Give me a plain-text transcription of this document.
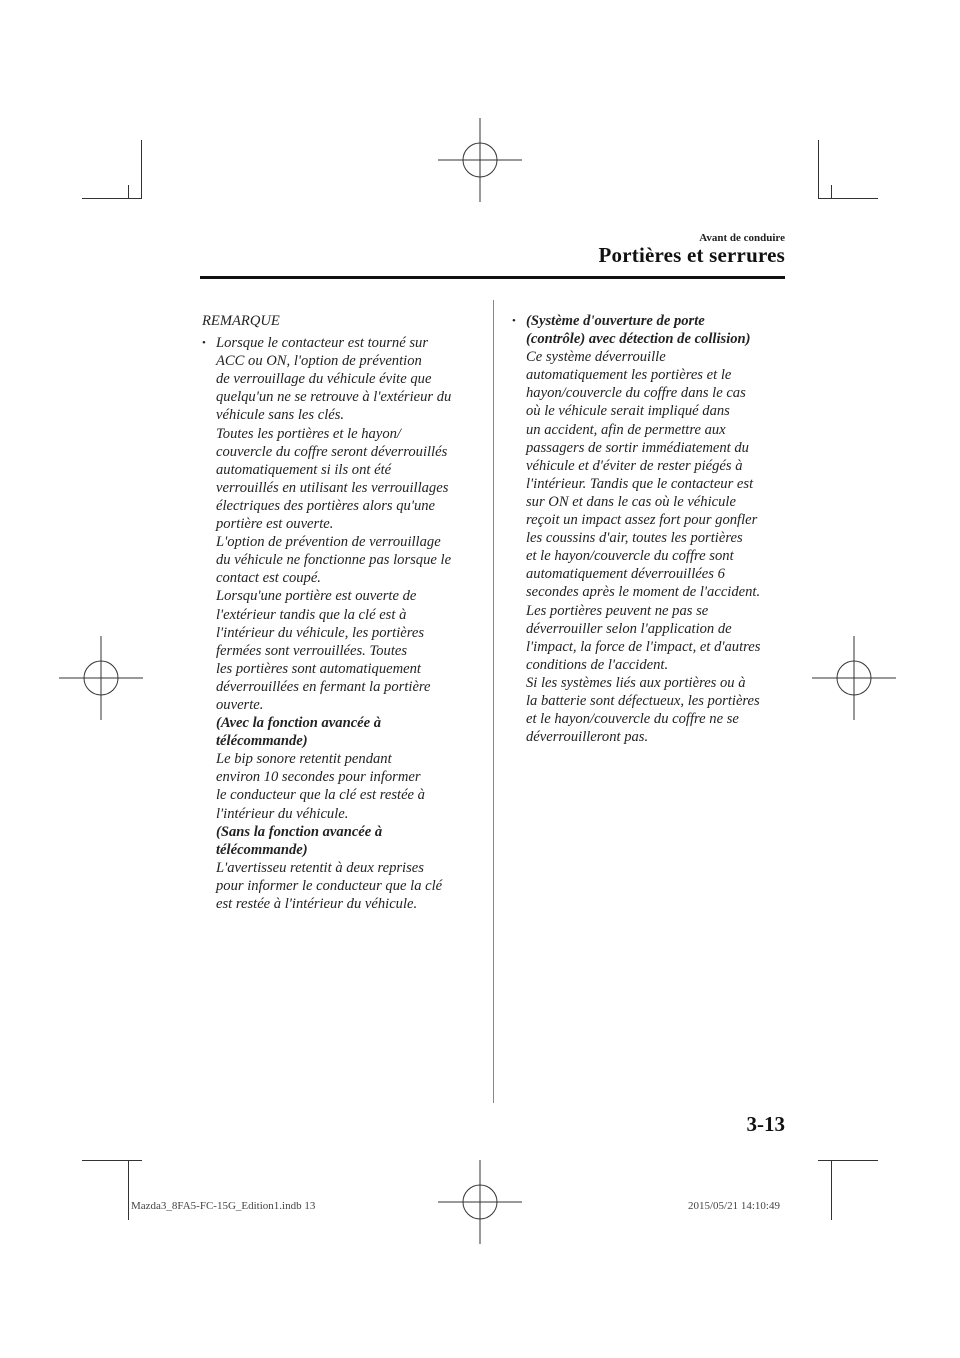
Avant de conduire
Portières et serrures
REMARQUE
• Lorsque le contacteur est tourné sur
ACC ou ON, l'option de prévention
de verrouillage du véhicule évite que
quelqu'un ne se retrouve à l'extérieur du
véhicule sans les clés.
Toutes les portières et le hayon/
couvercle du coffre seront déverrouillés
automatiquement si ils ont été
verrouillés en utilisant les verrouillages
électriques des portières alors qu'une
portière est ouverte.
L'option de prévention de verrouillage
du véhicule ne fonctionne pas lorsque le
contact est coupé.
Lorsqu'une portière est ouverte de
l'extérieur tandis que la clé est à
l'intérieur du véhicule, les portières
fermées sont verrouillées. Toutes
les portières sont automatiquement
déverrouillées en fermant la portière
ouverte.
(Avec la fonction avancée à
télécommande)
Le bip sonore retentit pendant
environ 10 secondes pour informer
le conducteur que la clé est restée à
l'intérieur du véhicule.
(Sans la fonction avancée à
télécommande)
L'avertisseu retentit à deux reprises
pour informer le conducteur que la clé
est restée à l'intérieur du véhicule.
• (Système d'ouverture de porte
(contrôle) avec détection de collision)
Ce système déverrouille
automatiquement les portières et le
hayon/couvercle du coffre dans le cas
où le véhicule serait impliqué dans
un accident, afin de permettre aux
passagers de sortir immédiatement du
véhicule et d'éviter de rester piégés à
l'intérieur. Tandis que le contacteur est
sur ON et dans le cas où le véhicule
reçoit un impact assez fort pour gonfler
les coussins d'air, toutes les portières
et le hayon/couvercle du coffre sont
automatiquement déverrouillées 6
secondes après le moment de l'accident.
Les portières peuvent ne pas se
déverrouiller selon l'application de
l'impact, la force de l'impact, et d'autres
conditions de l'accident.
Si les systèmes liés aux portières ou à
la batterie sont défectueux, les portières
et le hayon/couvercle du coffre ne se
déverrouilleront pas.
3-13
Mazda3_8FA5-FC-15G_Edition1.indb 13	2015/05/21 14:10:49
